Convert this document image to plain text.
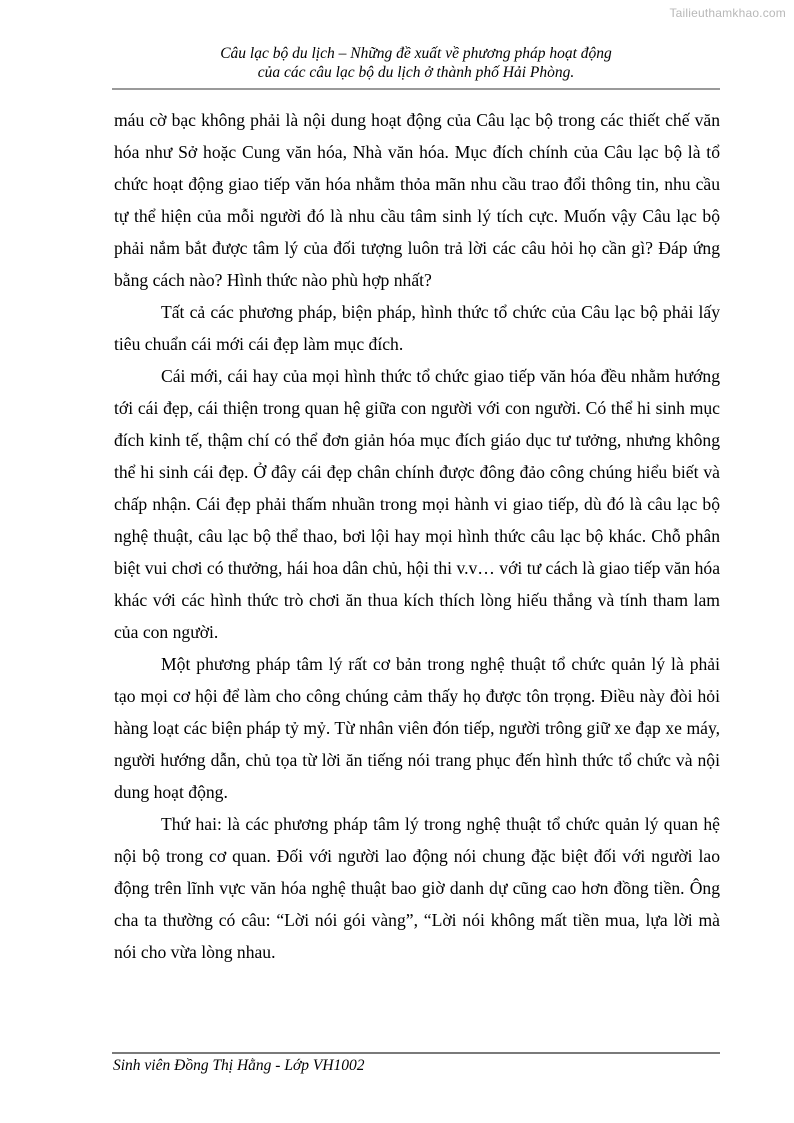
Tailieuthamkhao.com
Câu lạc bộ du lịch – Những đề xuất về phương pháp hoạt động
của các câu lạc bộ du lịch ở thành phố Hải Phòng.

máu cờ bạc không phải là nội dung hoạt động của Câu lạc bộ trong các thiết chế văn hóa như Sở hoặc Cung văn hóa, Nhà văn hóa. Mục đích chính của Câu lạc bộ là tổ chức hoạt động giao tiếp văn hóa nhằm thỏa mãn nhu cầu trao đổi thông tin, nhu cầu tự thể hiện của mỗi người đó là nhu cầu tâm sinh lý tích cực. Muốn vậy Câu lạc bộ phải nắm bắt được tâm lý của đối tượng luôn trả lời các câu hỏi họ cần gì? Đáp ứng bằng cách nào? Hình thức nào phù hợp nhất?

Tất cả các phương pháp, biện pháp, hình thức tổ chức của Câu lạc bộ phải lấy tiêu chuẩn cái mới cái đẹp làm mục đích.

Cái mới, cái hay của mọi hình thức tổ chức giao tiếp văn hóa đều nhằm hướng tới cái đẹp, cái thiện trong quan hệ giữa con người với con người. Có thể hi sinh mục đích kinh tế, thậm chí có thể đơn giản hóa mục đích giáo dục tư tưởng, nhưng không thể hi sinh cái đẹp. Ở đây cái đẹp chân chính được đông đảo công chúng hiểu biết và chấp nhận. Cái đẹp phải thấm nhuần trong mọi hành vi giao tiếp, dù đó là câu lạc bộ nghệ thuật, câu lạc bộ thể thao, bơi lội hay mọi hình thức câu lạc bộ khác. Chỗ phân biệt vui chơi có thưởng, hái hoa dân chủ, hội thi v.v… với tư cách là giao tiếp văn hóa khác với các hình thức trò chơi ăn thua kích thích lòng hiếu thắng và tính tham lam của con người.

Một phương pháp tâm lý rất cơ bản trong nghệ thuật tổ chức quản lý là phải tạo mọi cơ hội để làm cho công chúng cảm thấy họ được tôn trọng. Điều này đòi hỏi hàng loạt các biện pháp tỷ mỷ. Từ nhân viên đón tiếp, người trông giữ xe đạp xe máy, người hướng dẫn, chủ tọa từ lời ăn tiếng nói trang phục đến hình thức tổ chức và nội dung hoạt động.

Thứ hai: là các phương pháp tâm lý trong nghệ thuật tổ chức quản lý quan hệ nội bộ trong cơ quan. Đối với người lao động nói chung đặc biệt đối với người lao động trên lĩnh vực văn hóa nghệ thuật bao giờ danh dự cũng cao hơn đồng tiền. Ông cha ta thường có câu: “Lời nói gói vàng”, “Lời nói không mất tiền mua, lựa lời mà nói cho vừa lòng nhau.

Sinh viên Đồng Thị Hằng - Lớp VH1002
